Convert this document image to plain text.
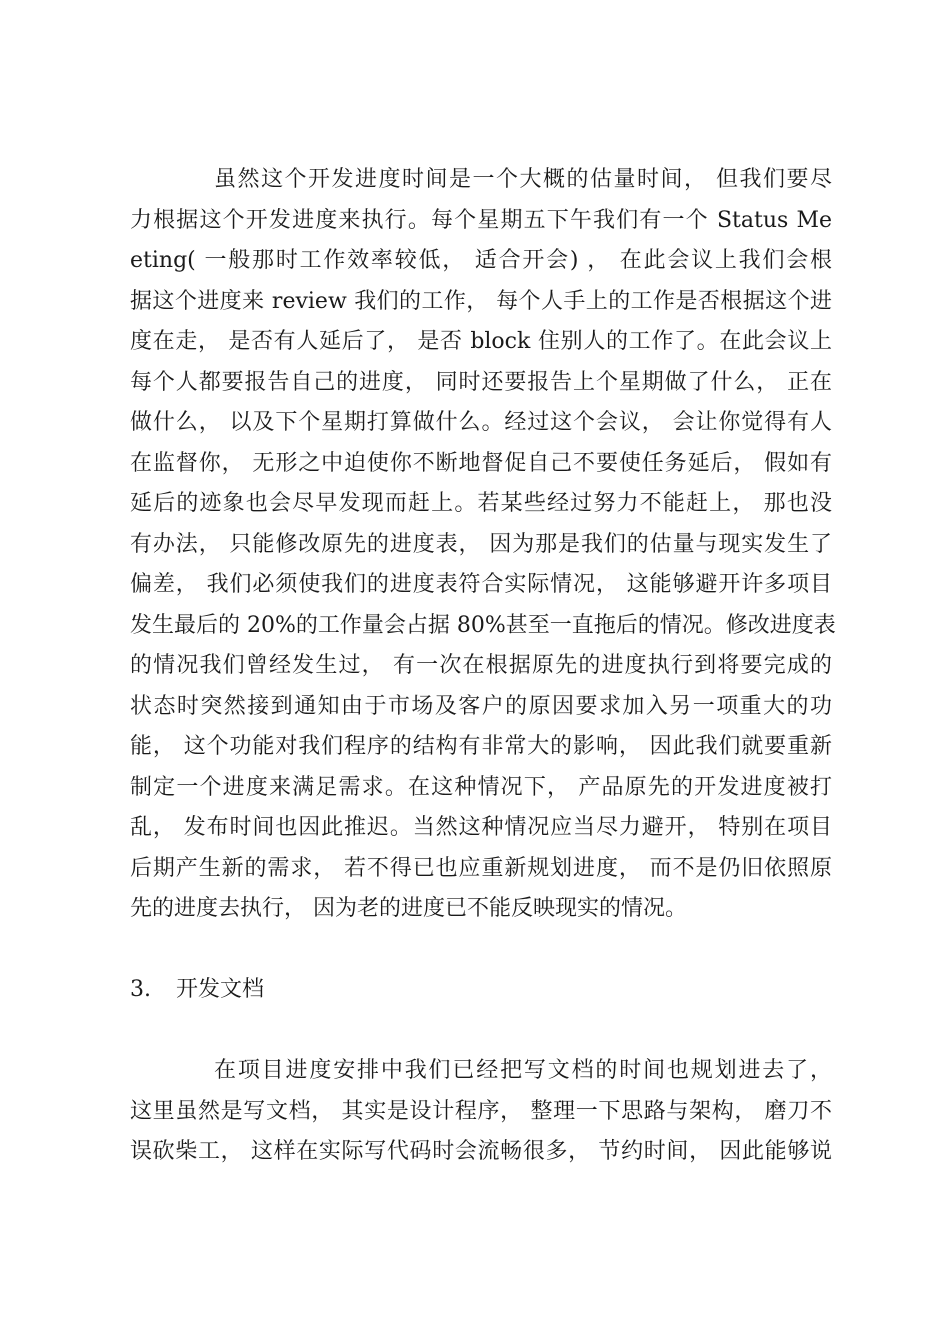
虽然这个开发进度时间是一个大概的估量时间， 但我们要尽
力根据这个开发进度来执行。每个星期五下午我们有一个 Status Me
eting( 一般那时工作效率较低， 适合开会) ， 在此会议上我们会根
据这个进度来 review 我们的工作， 每个人手上的工作是否根据这个进
度在走， 是否有人延后了， 是否 block 住别人的工作了。在此会议上
每个人都要报告自己的进度， 同时还要报告上个星期做了什么， 正在
做什么， 以及下个星期打算做什么。经过这个会议， 会让你觉得有人
在监督你， 无形之中迫使你不断地督促自己不要使任务延后， 假如有
延后的迹象也会尽早发现而赶上。若某些经过努力不能赶上， 那也没
有办法， 只能修改原先的进度表， 因为那是我们的估量与现实发生了
偏差， 我们必须使我们的进度表符合实际情况， 这能够避开许多项目
发生最后的 20%的工作量会占据 80%甚至一直拖后的情况。修改进度表
的情况我们曾经发生过， 有一次在根据原先的进度执行到将要完成的
状态时突然接到通知由于市场及客户的原因要求加入另一项重大的功
能， 这个功能对我们程序的结构有非常大的影响， 因此我们就要重新
制定一个进度来满足需求。在这种情况下， 产品原先的开发进度被打
乱， 发布时间也因此推迟。当然这种情况应当尽力避开， 特别在项目
后期产生新的需求， 若不得已也应重新规划进度， 而不是仍旧依照原
先的进度去执行， 因为老的进度已不能反映现实的情况。
3. 开发文档
在项目进度安排中我们已经把写文档的时间也规划进去了，
这里虽然是写文档， 其实是设计程序， 整理一下思路与架构， 磨刀不
误砍柴工， 这样在实际写代码时会流畅很多， 节约时间， 因此能够说
